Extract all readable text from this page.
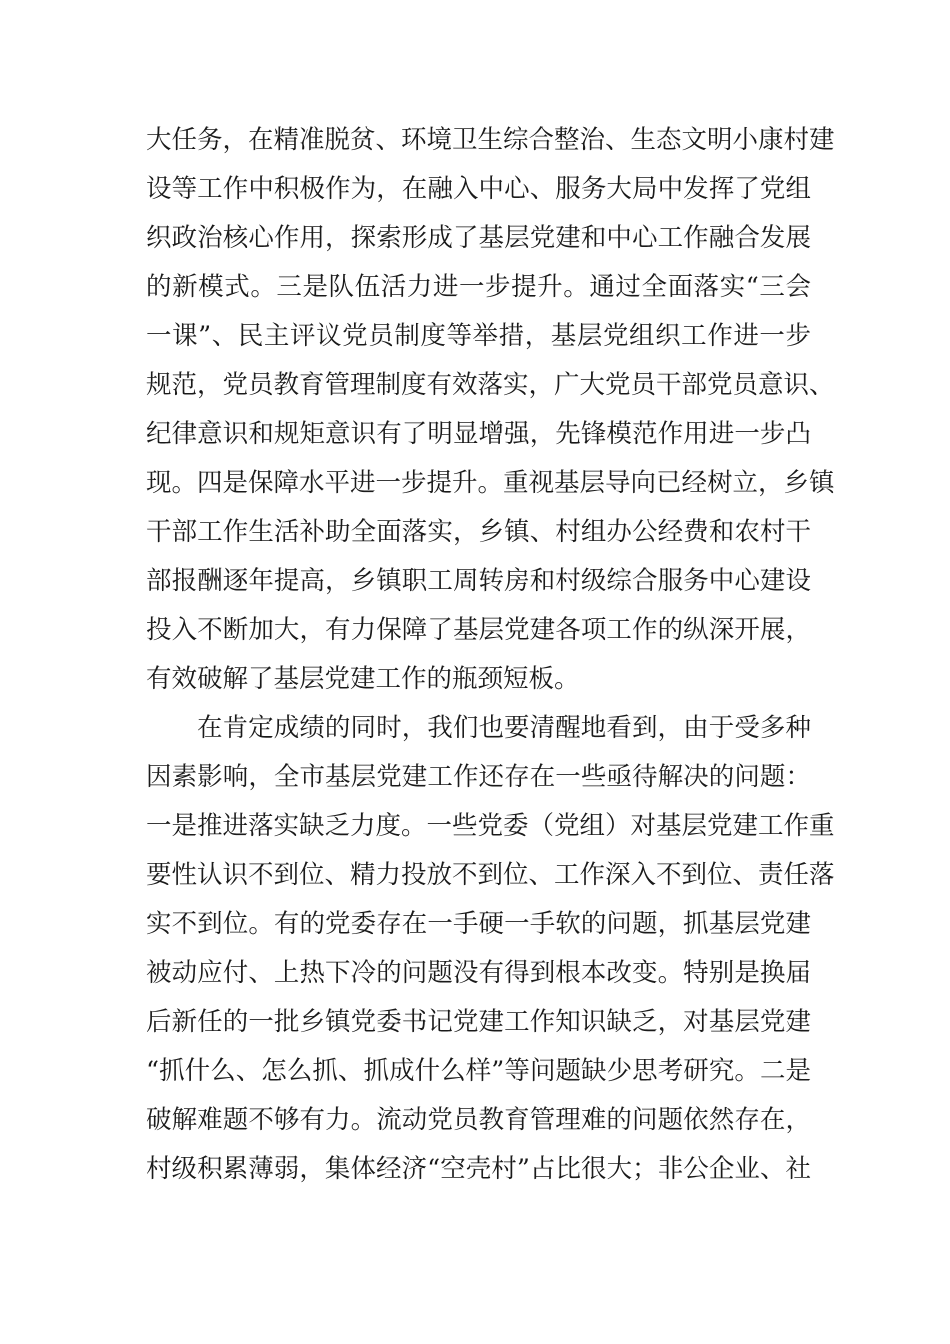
大任务，在精准脱贫、环境卫生综合整治、生态文明小康村建
设等工作中积极作为，在融入中心、服务大局中发挥了党组
织政治核心作用，探索形成了基层党建和中心工作融合发展
的新模式。三是队伍活力进一步提升。通过全面落实“三会
一课”、民主评议党员制度等举措，基层党组织工作进一步
规范，党员教育管理制度有效落实，广大党员干部党员意识、
纪律意识和规矩意识有了明显增强，先锋模范作用进一步凸
现。四是保障水平进一步提升。重视基层导向已经树立，乡镇
干部工作生活补助全面落实，乡镇、村组办公经费和农村干
部报酬逐年提高，乡镇职工周转房和村级综合服务中心建设
投入不断加大，有力保障了基层党建各项工作的纵深开展，
有效破解了基层党建工作的瓶颈短板。
在肯定成绩的同时，我们也要清醒地看到，由于受多种
因素影响，全市基层党建工作还存在一些亟待解决的问题：
一是推进落实缺乏力度。一些党委（党组）对基层党建工作重
要性认识不到位、精力投放不到位、工作深入不到位、责任落
实不到位。有的党委存在一手硬一手软的问题，抓基层党建
被动应付、上热下冷的问题没有得到根本改变。特别是换届
后新任的一批乡镇党委书记党建工作知识缺乏，对基层党建
“抓什么、怎么抓、抓成什么样”等问题缺少思考研究。二是
破解难题不够有力。流动党员教育管理难的问题依然存在，
村级积累薄弱，集体经济“空壳村”占比很大；非公企业、社
